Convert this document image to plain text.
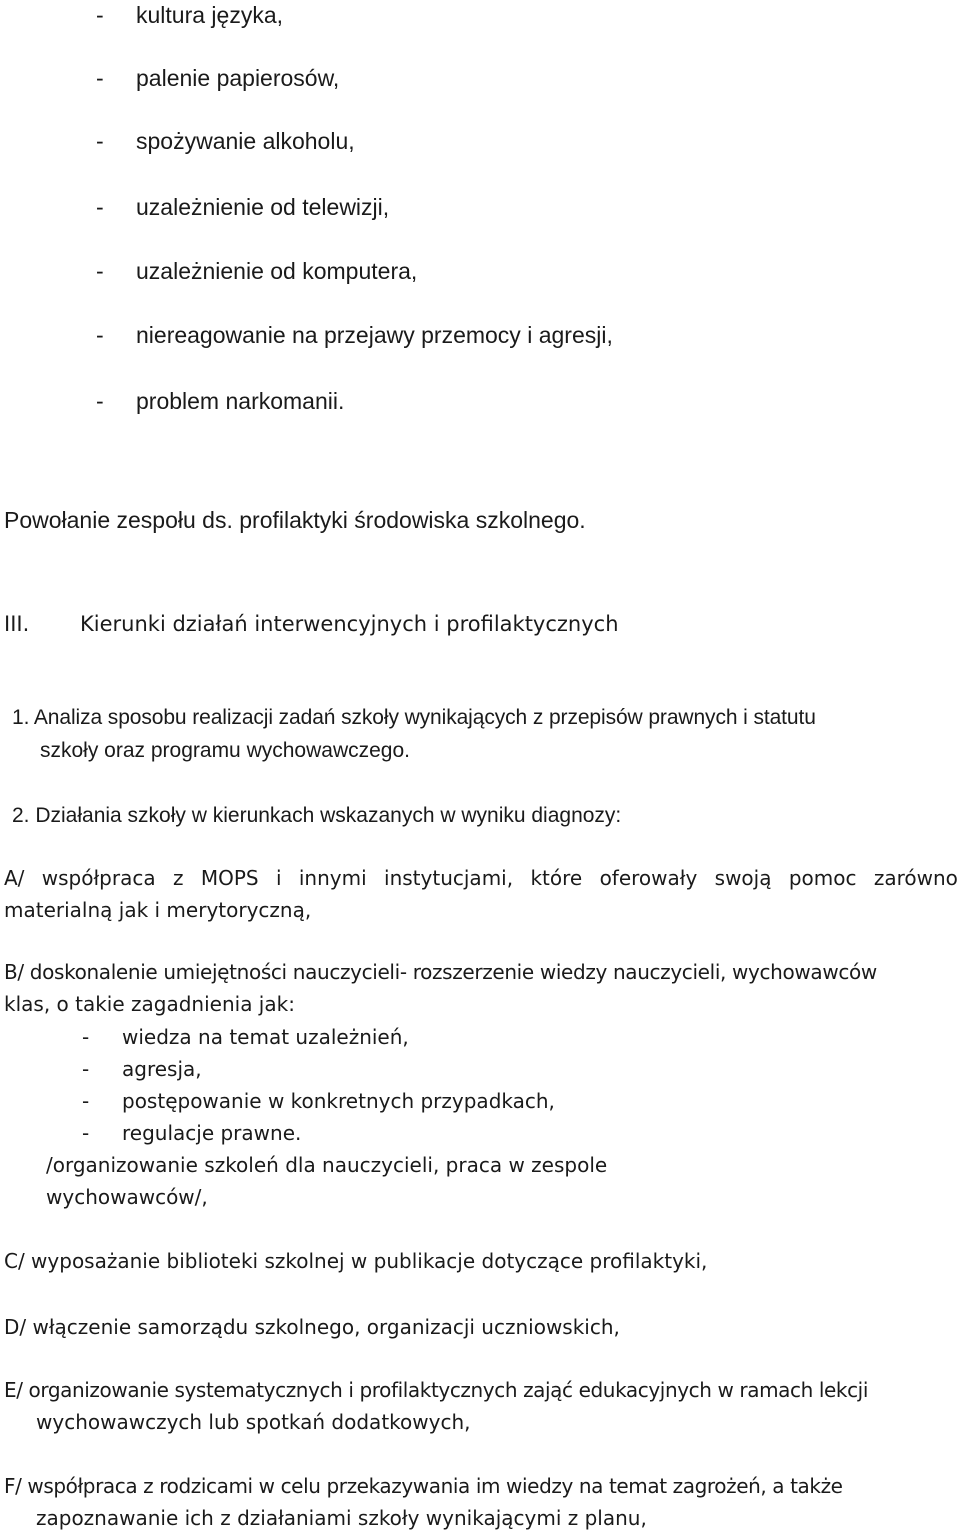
- kultura języka,
- palenie papierosów,
- spożywanie alkoholu,
- uzależnienie od telewizji,
- uzależnienie od komputera,
- niereagowanie na przejawy przemocy i agresji,
- problem narkomanii.
Powołanie zespołu ds. profilaktyki środowiska szkolnego.
III. Kierunki działań interwencyjnych i profilaktycznych
1. Analiza sposobu realizacji zadań szkoły wynikających z przepisów prawnych i statutu
szkoły oraz programu wychowawczego.
2. Działania szkoły w kierunkach wskazanych w wyniku diagnozy:
A/ współpraca z MOPS i innymi instytucjami, które oferowały swoją pomoc zarówno
materialną jak i merytoryczną,
B/ doskonalenie umiejętności nauczycieli- rozszerzenie wiedzy nauczycieli, wychowawców
klas, o takie zagadnienia jak:
- wiedza na temat uzależnień,
- agresja,
- postępowanie w konkretnych przypadkach,
- regulacje prawne.
/organizowanie szkoleń dla nauczycieli, praca w zespole
wychowawców/,
C/ wyposażanie biblioteki szkolnej w publikacje dotyczące profilaktyki,
D/ włączenie samorządu szkolnego, organizacji uczniowskich,
E/ organizowanie systematycznych i profilaktycznych zająć edukacyjnych w ramach lekcji
wychowawczych lub spotkań dodatkowych,
F/ współpraca z rodzicami w celu przekazywania im wiedzy na temat zagrożeń, a także
zapoznawanie ich z działaniami szkoły wynikającymi z planu,
